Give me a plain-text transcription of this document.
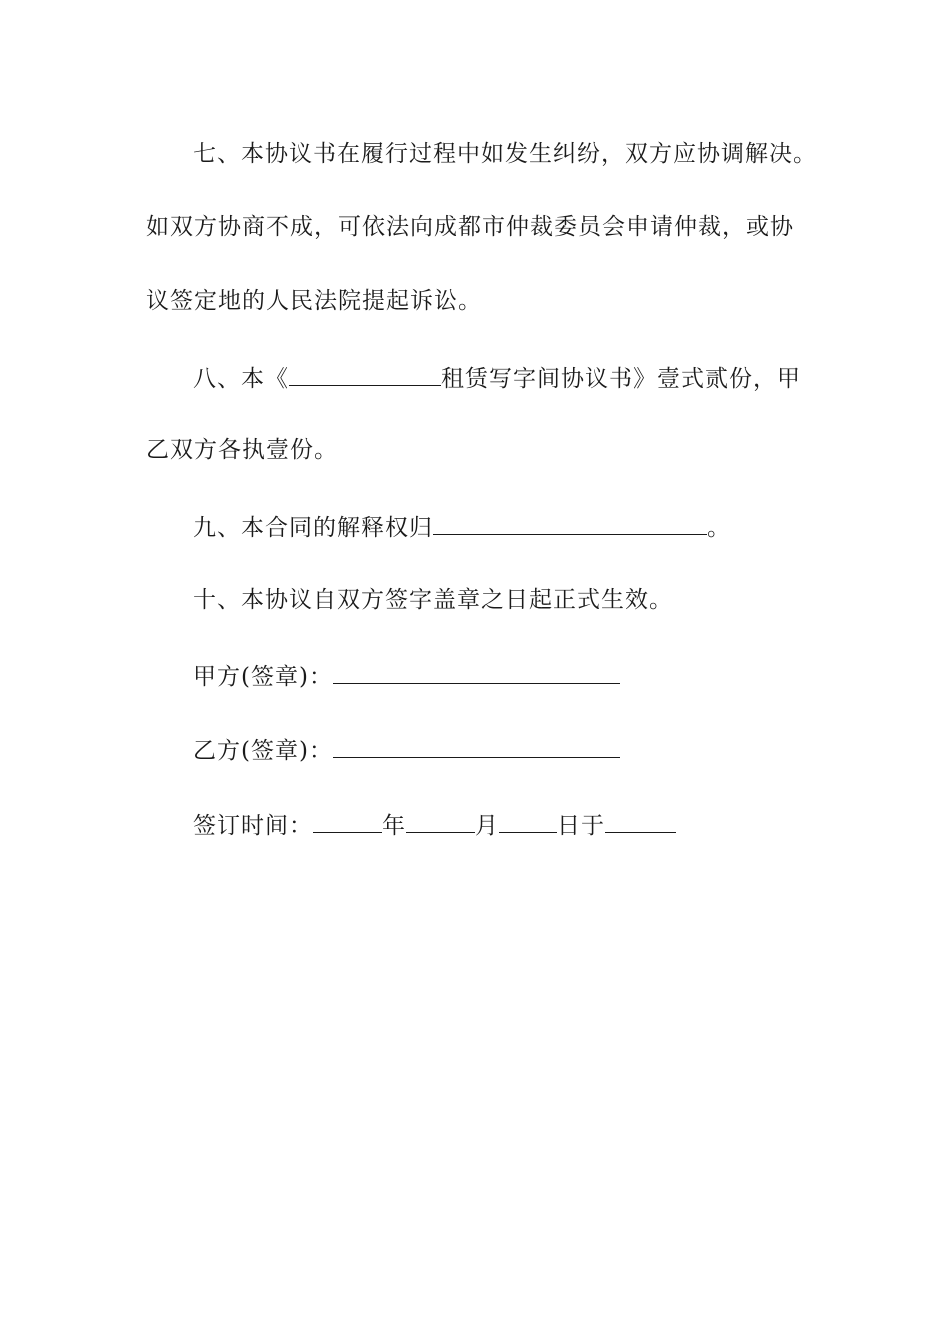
七、本协议书在履行过程中如发生纠纷，双方应协调解决。
如双方协商不成，可依法向成都市仲裁委员会申请仲裁，或协
议签定地的人民法院提起诉讼。
八、本《	租赁写字间协议书》壹式贰份，甲
乙双方各执壹份。
九、本合同的解释权归	。
十、本协议自双方签字盖章之日起正式生效。
甲方(签章)：
乙方(签章)：
签订时间：	年	月	日于
